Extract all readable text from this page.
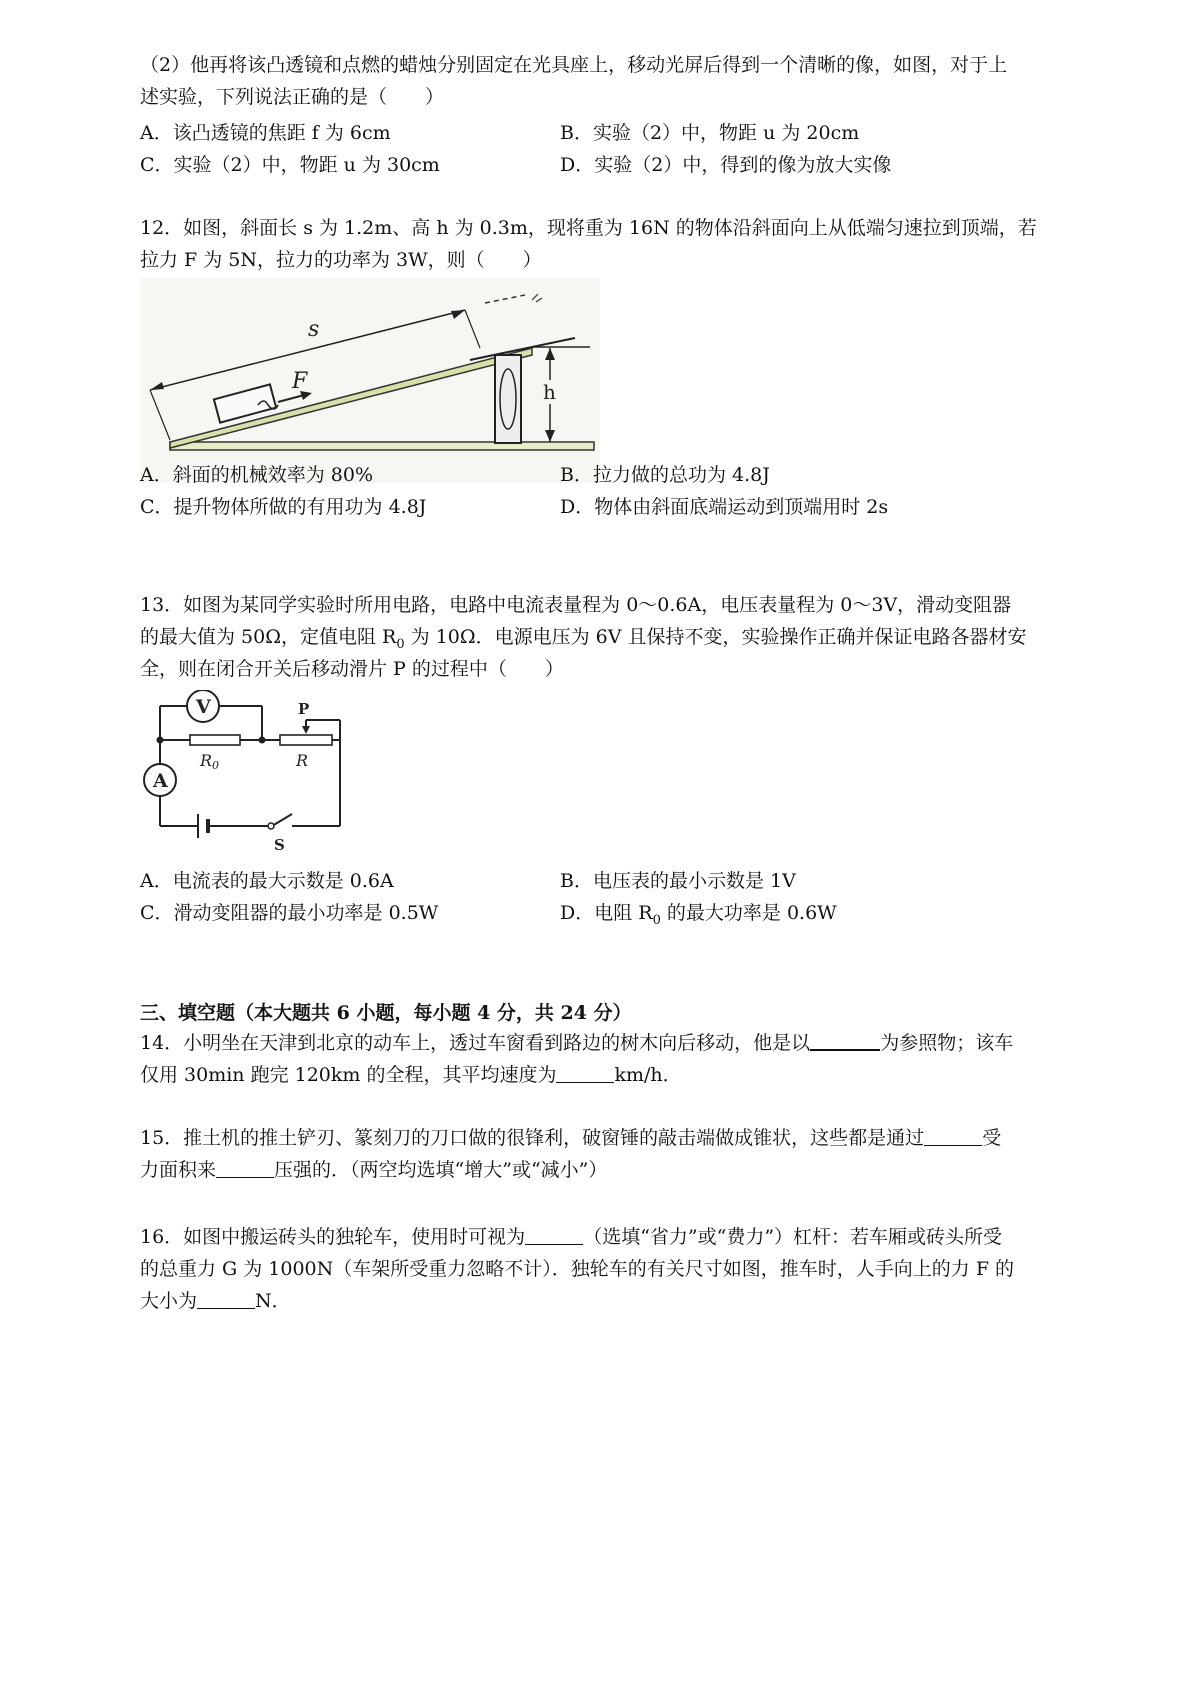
（2）他再将该凸透镜和点燃的蜡烛分别固定在光具座上，移动光屏后得到一个清晰的像，如图，对于上
述实验，下列说法正确的是（　　）
A．该凸透镜的焦距 f 为 6cm	B．实验（2）中，物距 u 为 20cm
C．实验（2）中，物距 u 为 30cm	D．实验（2）中，得到的像为放大实像
12．如图，斜面长 s 为 1.2m、高 h 为 0.3m，现将重为 16N 的物体沿斜面向上从低端匀速拉到顶端，若
拉力 F 为 5N，拉力的功率为 3W，则（　　）
F
s
h
A．斜面的机械效率为 80%	B．拉力做的总功为 4.8J
C．提升物体所做的有用功为 4.8J	D．物体由斜面底端运动到顶端用时 2s
13．如图为某同学实验时所用电路，电路中电流表量程为 0～0.6A，电压表量程为 0～3V，滑动变阻器
的最大值为 50Ω，定值电阻 $R_0$ 为 10Ω．电源电压为 6V 且保持不变，实验操作正确并保证电路各器材安
全，则在闭合开关后移动滑片 P 的过程中（　　）
V
A
P
R0	R
S
A．电流表的最大示数是 0.6A	B．电压表的最小示数是 1V
C．滑动变阻器的最小功率是 0.5W	D．电阻 $R_0$ 的最大功率是 0.6W
三、填空题（本大题共 6 小题，每小题 4 分，共 24 分）
14．小明坐在天津到北京的动车上，透过车窗看到路边的树木向后移动，他是以	为参照物；该车
仅用 30min 跑完 120km 的全程，其平均速度为	km/h．
15．推土机的推土铲刃、篆刻刀的刀口做的很锋利，破窗锤的敲击端做成锥状，这些都是通过	受
力面积来	压强的．（两空均选填“增大”或“减小”）
16．如图中搬运砖头的独轮车，使用时可视为	（选填“省力”或“费力”）杠杆：若车厢或砖头所受
的总重力 G 为 1000N（车架所受重力忽略不计）．独轮车的有关尺寸如图，推车时，人手向上的力 F 的
大小为	N．
